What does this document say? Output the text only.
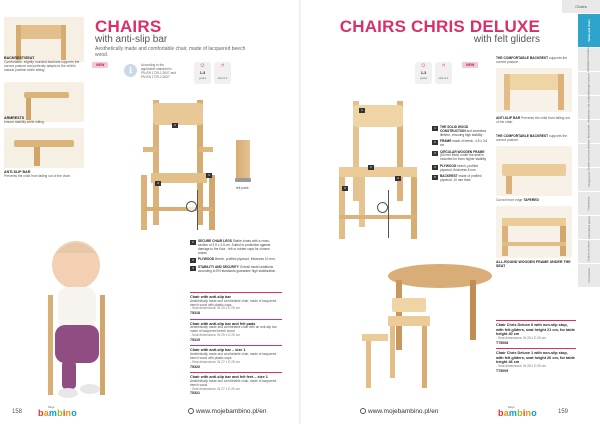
CHAIRS
with anti-slip bar
Aesthetically made and comfortable chair, made of lacquered beech wood.
BACKREST/SEAT
Comfortable, slightly rounded backrest supports the correct posture and perfectly adapts to the child's natural position while sitting.
ARMRESTS
ensure stability while sitting
ANTI-SLIP BAR
Prevents the child from falling out of the chair.
NEW	i	According to the applicable standard in PN-EN 1729-1:2007 and PN-EN 1729-2:2007
☺
1-3
years
⑁
size 0-1
2
3
4
felt pads
2	SECURE CHAIR LEGS Stable chairs with a cross-section of 3.5 x 4.5 cm. Suited to protection against damage to the floor - felt or rubber caps for chosen chairs.
3	PLYWOOD Beech, profiled plywood, thickness 10 mm.
4	STABILITY AND SECURITY Overall model additions according to EN standards guarantee high stabilization.
Chair with anti-slip bar
Aesthetically made and comfortable chair, made of lacquered beech wood with plastic caps.
- Seat dimensions: W 25 x D 25 cm
75318
Chair with anti-slip bar and felt pads
Aesthetically made and comfortable chair with an anti-slip bar, made of lacquered beech wood.
- Seat dimensions: W 25 x D 25 cm
75319
Chair with anti-slip bar – size 1
Aesthetically made and comfortable chair, made of lacquered beech wood with plastic caps.
- Seat dimensions: W 27 x D 26 cm
75320
Chair with anti-slip bar and felt feet – size 1
Aesthetically made and comfortable chair, made of lacquered beech wood.
- Seat dimensions: W 27 x D 26 cm
75321
158
Moje
bambino	www.mojebambino.pl/en
Chairs
CHAIRS CHRIS DELUXE
with felt gliders
☺
1-3
years
⑁
size 0-1
NEW
1
2
3
4
1	THE SOLID WOOD CONSTRUCTION and seamless lifetime, ensuring high stability
2	FRAME made of beech, 4.5 x 3.6 cm
3	CIRCULAR WOODEN FRAME (60 mm thick) under the seat is mounted for even higher stability
4	PLYWOOD beech, profiled plywood, thickness 8 mm
5	BACKREST made of profiled plywood, 10 mm thick
THE COMFORTABLE BACKREST supports the correct posture.
ANTI-SLIP BAR Prevents the child from falling out of the chair.
THE COMFORTABLE BACKREST supports the correct posture.
Curved front edge TAPERED
ALL-ROUND WOODEN FRAME UNDER THE SEAT
Chair Chris Deluxe II with non-slip stop, with felt gliders, seat height 21 cm, for table height 40 cm
- Seat dimensions: W 28 x D 26 cm
T75008
Chair Chris Deluxe 1 with non-slip stop, with felt gliders, seat height 26 cm, for table height 46 cm
- Seat dimensions: W 28 x D 26 cm
T75009
Tables and chairs
Upholstered furniture
Storage furniture
Mattresses and cushions
Wall panels
Carpets and room dividers
Playgrounds
Gymnastics
Educational games
Outdoor furniture
Accessories
www.mojebambino.pl/en
Moje
bambino	159
